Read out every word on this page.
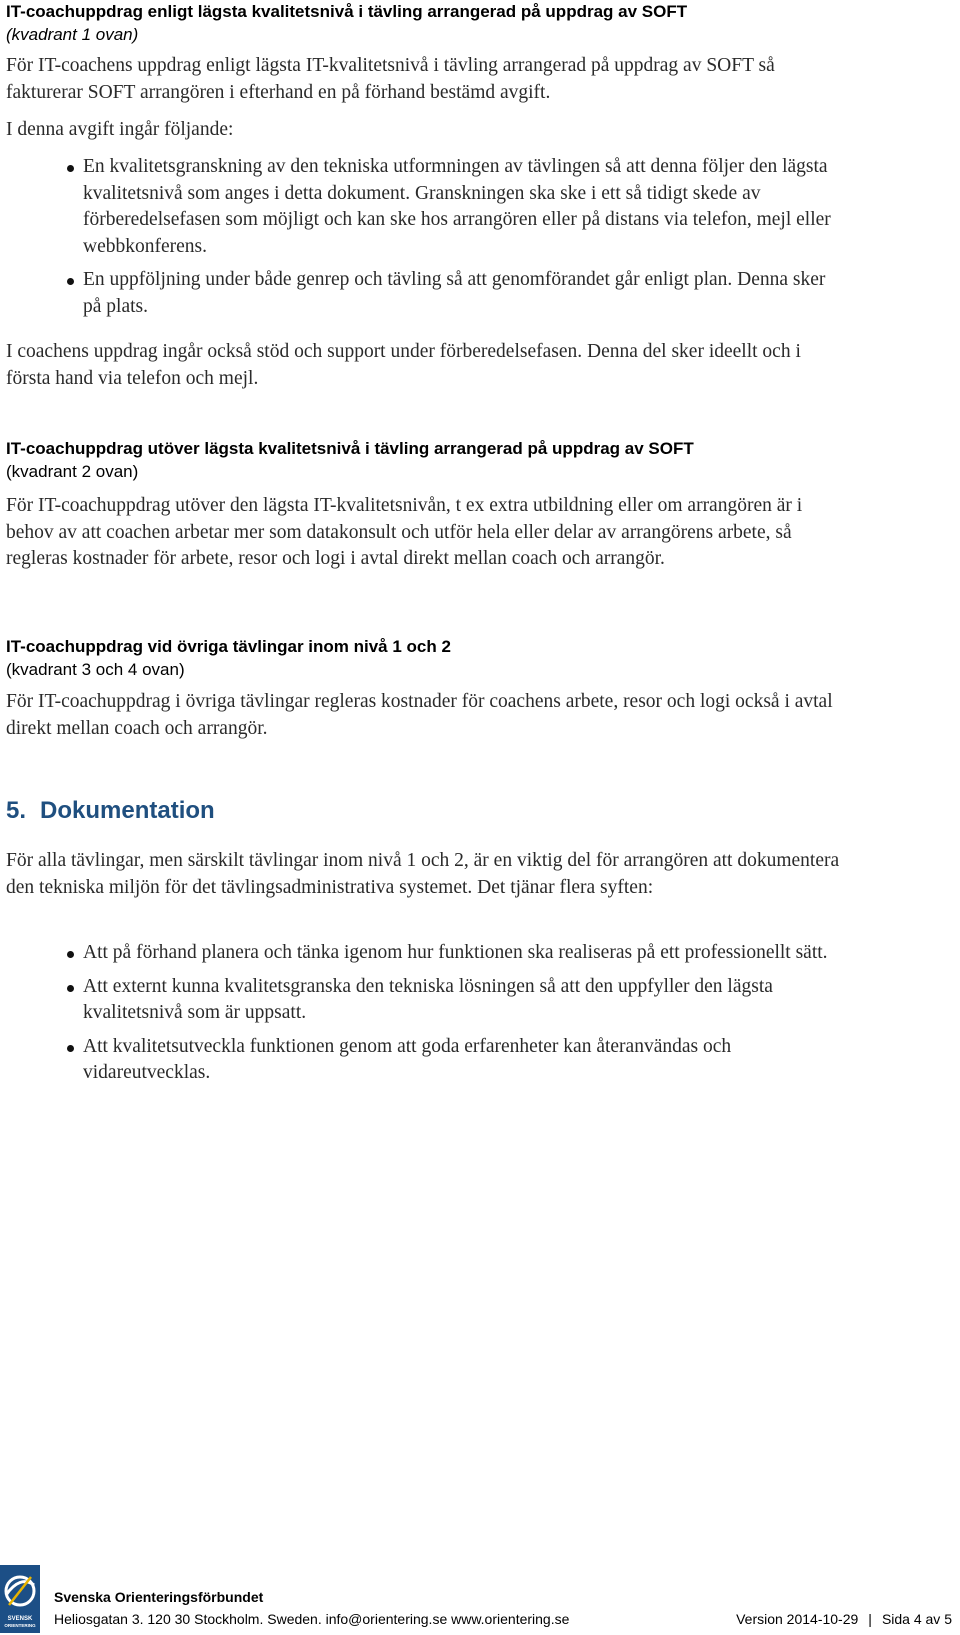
IT-coachuppdrag enligt lägsta kvalitetsnivå i tävling arrangerad på uppdrag av SOFT
(kvadrant 1 ovan)

För IT-coachens uppdrag enligt lägsta IT-kvalitetsnivå i tävling arrangerad på uppdrag av SOFT så fakturerar SOFT arrangören i efterhand en på förhand bestämd avgift.

I denna avgift ingår följande:

En kvalitetsgranskning av den tekniska utformningen av tävlingen så att denna följer den lägsta kvalitetsnivå som anges i detta dokument. Granskningen ska ske i ett så tidigt skede av förberedelsefasen som möjligt och kan ske hos arrangören eller på distans via telefon, mejl eller webbkonferens.
En uppföljning under både genrep och tävling så att genomförandet går enligt plan. Denna sker på plats.

I coachens uppdrag ingår också stöd och support under förberedelsefasen. Denna del sker ideellt och i första hand via telefon och mejl.

IT-coachuppdrag utöver lägsta kvalitetsnivå i tävling arrangerad på uppdrag av SOFT
(kvadrant 2 ovan)

För IT-coachuppdrag utöver den lägsta IT-kvalitetsnivån, t ex extra utbildning eller om arrangören är i behov av att coachen arbetar mer som datakonsult och utför hela eller delar av arrangörens arbete, så regleras kostnader för arbete, resor och logi i avtal direkt mellan coach och arrangör.

IT-coachuppdrag vid övriga tävlingar inom nivå 1 och 2
(kvadrant 3 och 4 ovan)

För IT-coachuppdrag i övriga tävlingar regleras kostnader för coachens arbete, resor och logi också i avtal direkt mellan coach och arrangör.

5. Dokumentation

För alla tävlingar, men särskilt tävlingar inom nivå 1 och 2, är en viktig del för arrangören att dokumentera den tekniska miljön för det tävlingsadministrativa systemet. Det tjänar flera syften:

Att på förhand planera och tänka igenom hur funktionen ska realiseras på ett professionellt sätt.
Att externt kunna kvalitetsgranska den tekniska lösningen så att den uppfyller den lägsta kvalitetsnivå som är uppsatt.
Att kvalitetsutveckla funktionen genom att goda erfarenheter kan återanvändas och vidareutvecklas.
SVENSK
ORIENTERING
Svenska Orienteringsförbundet
Heliosgatan 3. 120 30 Stockholm. Sweden. info@orientering.se www.orientering.se	Version 2014-10-29 | Sida 4 av 5
